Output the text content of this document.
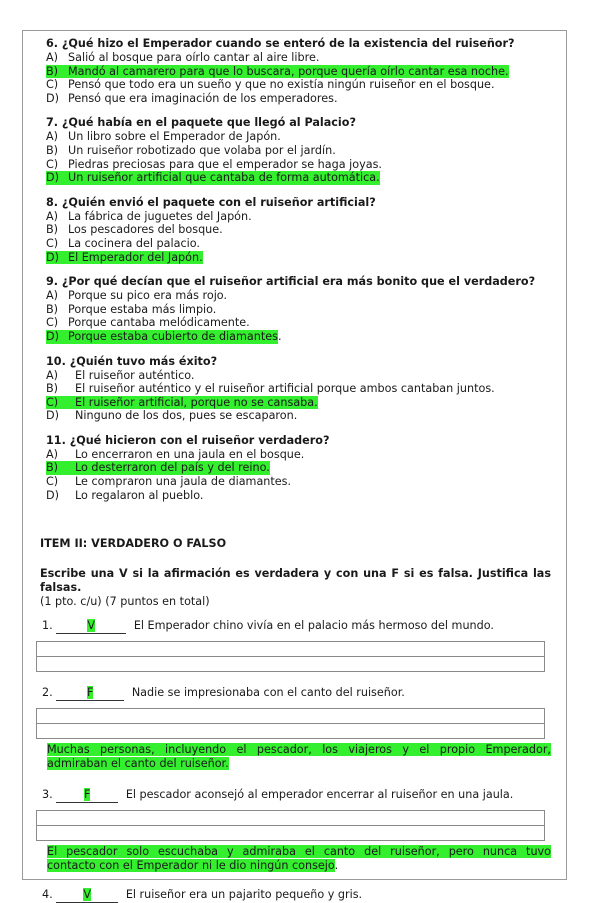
6. ¿Qué hizo el Emperador cuando se enteró de la existencia del ruiseñor?
A) Salió al bosque para oírlo cantar al aire libre.
B) Mandó al camarero para que lo buscara, porque quería oírlo cantar esa noche.
C) Pensó que todo era un sueño y que no existía ningún ruiseñor en el bosque.
D) Pensó que era imaginación de los emperadores.
7. ¿Qué había en el paquete que llegó al Palacio?
A) Un libro sobre el Emperador de Japón.
B) Un ruiseñor robotizado que volaba por el jardín.
C) Piedras preciosas para que el emperador se haga joyas.
D) Un ruiseñor artificial que cantaba de forma automática.
8. ¿Quién envió el paquete con el ruiseñor artificial?
A) La fábrica de juguetes del Japón.
B) Los pescadores del bosque.
C) La cocinera del palacio.
D) El Emperador del Japón.
9. ¿Por qué decían que el ruiseñor artificial era más bonito que el verdadero?
A) Porque su pico era más rojo.
B) Porque estaba más limpio.
C) Porque cantaba melódicamente.
D) Porque estaba cubierto de diamantes .
10. ¿Quién tuvo más éxito?
A)	El ruiseñor auténtico.
B)	El ruiseñor auténtico y el ruiseñor artificial porque ambos cantaban juntos.
C) El ruiseñor artificial, porque no se cansaba.
D)	Ninguno de los dos, pues se escaparon.
11. ¿Qué hicieron con el ruiseñor verdadero?
A)	Lo encerraron en una jaula en el bosque.
B) Lo desterraron del país y del reino.
C)	Le compraron una jaula de diamantes.
D)	Lo regalaron al pueblo.
ITEM II: VERDADERO O FALSO
Escribe una V si la afirmación es verdadera y con una F si es falsa. Justifica las falsas.
(1 pto. c/u) (7 puntos en total)
1.	V	El Emperador chino vivía en el palacio más hermoso del mundo.
2.	F	Nadie se impresionaba con el canto del ruiseñor.
Muchas personas, incluyendo el pescador, los viajeros y el propio Emperador,
admiraban el canto del ruiseñor.
3.	F	El pescador aconsejó al emperador encerrar al ruiseñor en una jaula.
El pescador solo escuchaba y admiraba el canto del ruiseñor, pero nunca tuvo
contacto con el Emperador ni le dio ningún consejo.
4.	V	El ruiseñor era un pajarito pequeño y gris.
